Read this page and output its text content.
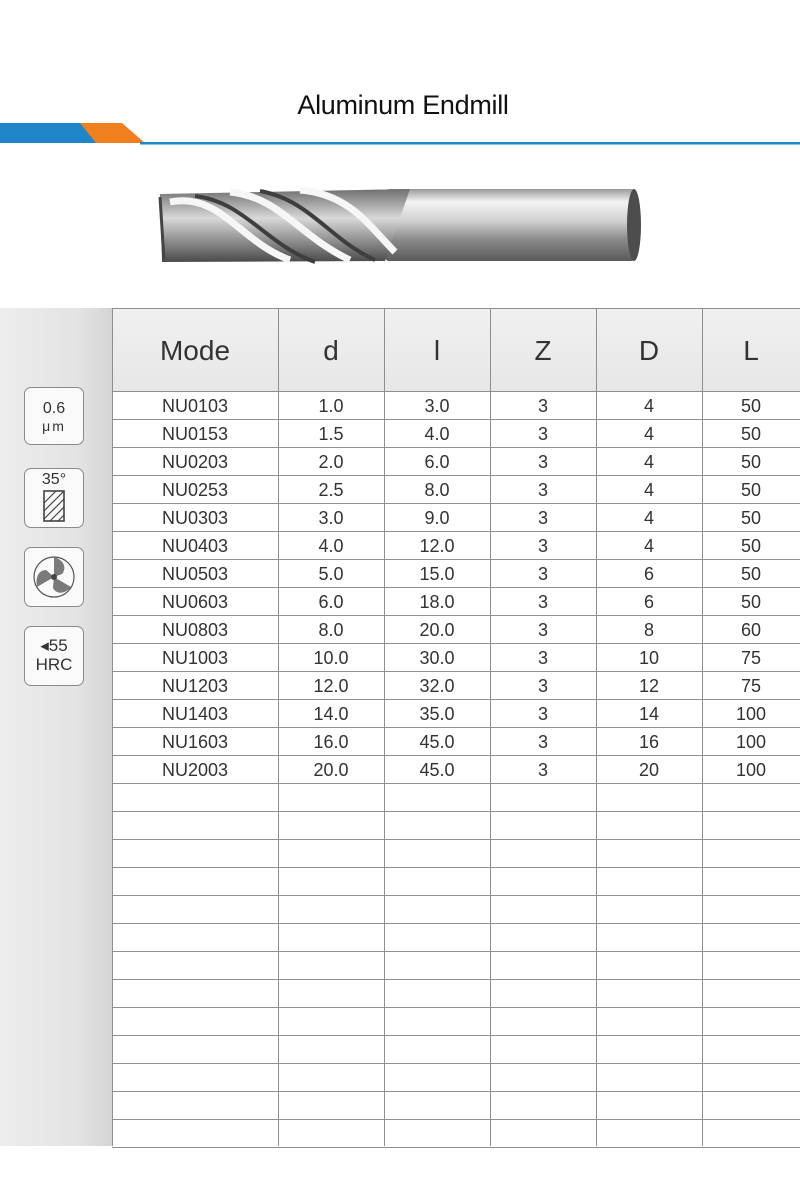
Aluminum Endmill
0.6
μm
35°
◂55
HRC
Mode	d	l	Z	D	L
NU0103	1.0	3.0	3	4	50
NU0153	1.5	4.0	3	4	50
NU0203	2.0	6.0	3	4	50
NU0253	2.5	8.0	3	4	50
NU0303	3.0	9.0	3	4	50
NU0403	4.0	12.0	3	4	50
NU0503	5.0	15.0	3	6	50
NU0603	6.0	18.0	3	6	50
NU0803	8.0	20.0	3	8	60
NU1003	10.0	30.0	3	10	75
NU1203	12.0	32.0	3	12	75
NU1403	14.0	35.0	3	14	100
NU1603	16.0	45.0	3	16	100
NU2003	20.0	45.0	3	20	100
